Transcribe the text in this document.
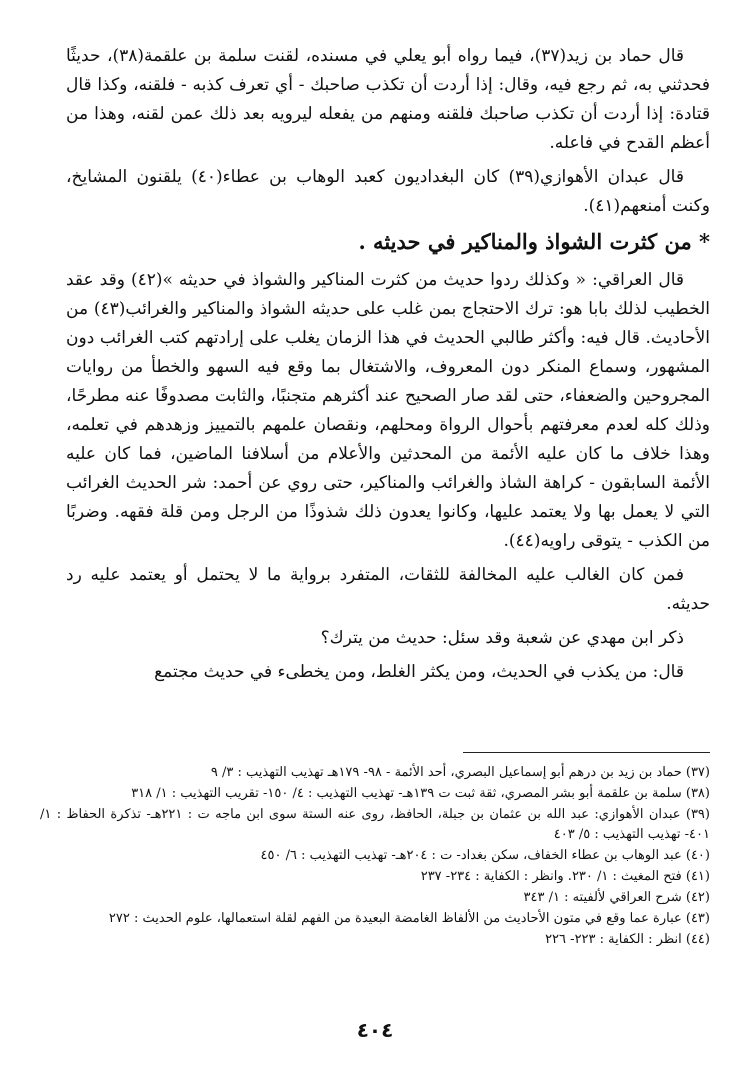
قال حماد بن زيد(٣٧)، فيما رواه أبو يعلي في مسنده، لقنت سلمة بن علقمة(٣٨)، حديثًا فحدثني به، ثم رجع فيه، وقال: إذا أردت أن تكذب صاحبك - أي تعرف كذبه - فلقنه، وكذا قال قتادة: إذا أردت أن تكذب صاحبك فلقنه ومنهم من يفعله ليرويه بعد ذلك عمن لقنه، وهذا من أعظم القدح في فاعله.

قال عبدان الأهوازي(٣٩) كان البغداديون كعبد الوهاب بن عطاء(٤٠) يلقنون المشايخ، وكنت أمنعهم(٤١).

* من كثرت الشواذ والمناكير في حديثه .

قال العراقي: « وكذلك ردوا حديث من كثرت المناكير والشواذ في حديثه »(٤٢) وقد عقد الخطيب لذلك بابا هو: ترك الاحتجاج بمن غلب على حديثه الشواذ والمناكير والغرائب(٤٣) من الأحاديث. قال فيه: وأكثر طالبي الحديث في هذا الزمان يغلب على إرادتهم كتب الغرائب دون المشهور، وسماع المنكر دون المعروف، والاشتغال بما وقع فيه السهو والخطأ من روايات المجروحين والضعفاء، حتى لقد صار الصحيح عند أكثرهم متجنبًا، والثابت مصدوفًا عنه مطرحًا، وذلك كله لعدم معرفتهم بأحوال الرواة ومحلهم، ونقصان علمهم بالتمييز وزهدهم في تعلمه، وهذا خلاف ما كان عليه الأئمة من المحدثين والأعلام من أسلافنا الماضين، فما كان عليه الأئمة السابقون - كراهة الشاذ والغرائب والمناكير، حتى روي عن أحمد: شر الحديث الغرائب التي لا يعمل بها ولا يعتمد عليها، وكانوا يعدون ذلك شذوذًا من الرجل ومن قلة فقهه. وضربًا من الكذب - يتوقى راويه(٤٤).

فمن كان الغالب عليه المخالفة للثقات، المتفرد برواية ما لا يحتمل أو يعتمد عليه رد حديثه.

ذكر ابن مهدي عن شعبة وقد سئل: حديث من يترك؟

قال: من يكذب في الحديث، ومن يكثر الغلط، ومن يخطىء في حديث مجتمع

(٣٧) حماد بن زيد بن درهم أبو إسماعيل البصري، أحد الأئمة - ٩٨- ١٧٩هـ تهذيب التهذيب : ٣/ ٩

(٣٨) سلمة بن علقمة أبو بشر المصري، ثقة ثبت ت ١٣٩هـ- تهذيب التهذيب : ٤/ ١٥٠- تقريب التهذيب : ١/ ٣١٨

(٣٩) عبدان الأهوازي: عبد الله بن عثمان بن جبلة، الحافظ، روى عنه الستة سوى ابن ماجه ت : ٢٢١هـ- تذكرة الحفاظ : ١/ ٤٠١- تهذيب التهذيب : ٥/ ٤٠٣

(٤٠) عبد الوهاب بن عطاء الخفاف، سكن بغداد- ت : ٢٠٤هـ- تهذيب التهذيب : ٦/ ٤٥٠

(٤١) فتح المغيث : ١/ ٢٣٠. وانظر : الكفاية : ٢٣٤- ٢٣٧

(٤٢) شرح العراقي لألفيته : ١/ ٣٤٣

(٤٣) عبارة عما وقع في متون الأحاديث من الألفاظ الغامضة البعيدة من الفهم لقلة استعمالها، علوم الحديث : ٢٧٢

(٤٤) انظر : الكفاية : ٢٢٣- ٢٢٦

٤٠٤
